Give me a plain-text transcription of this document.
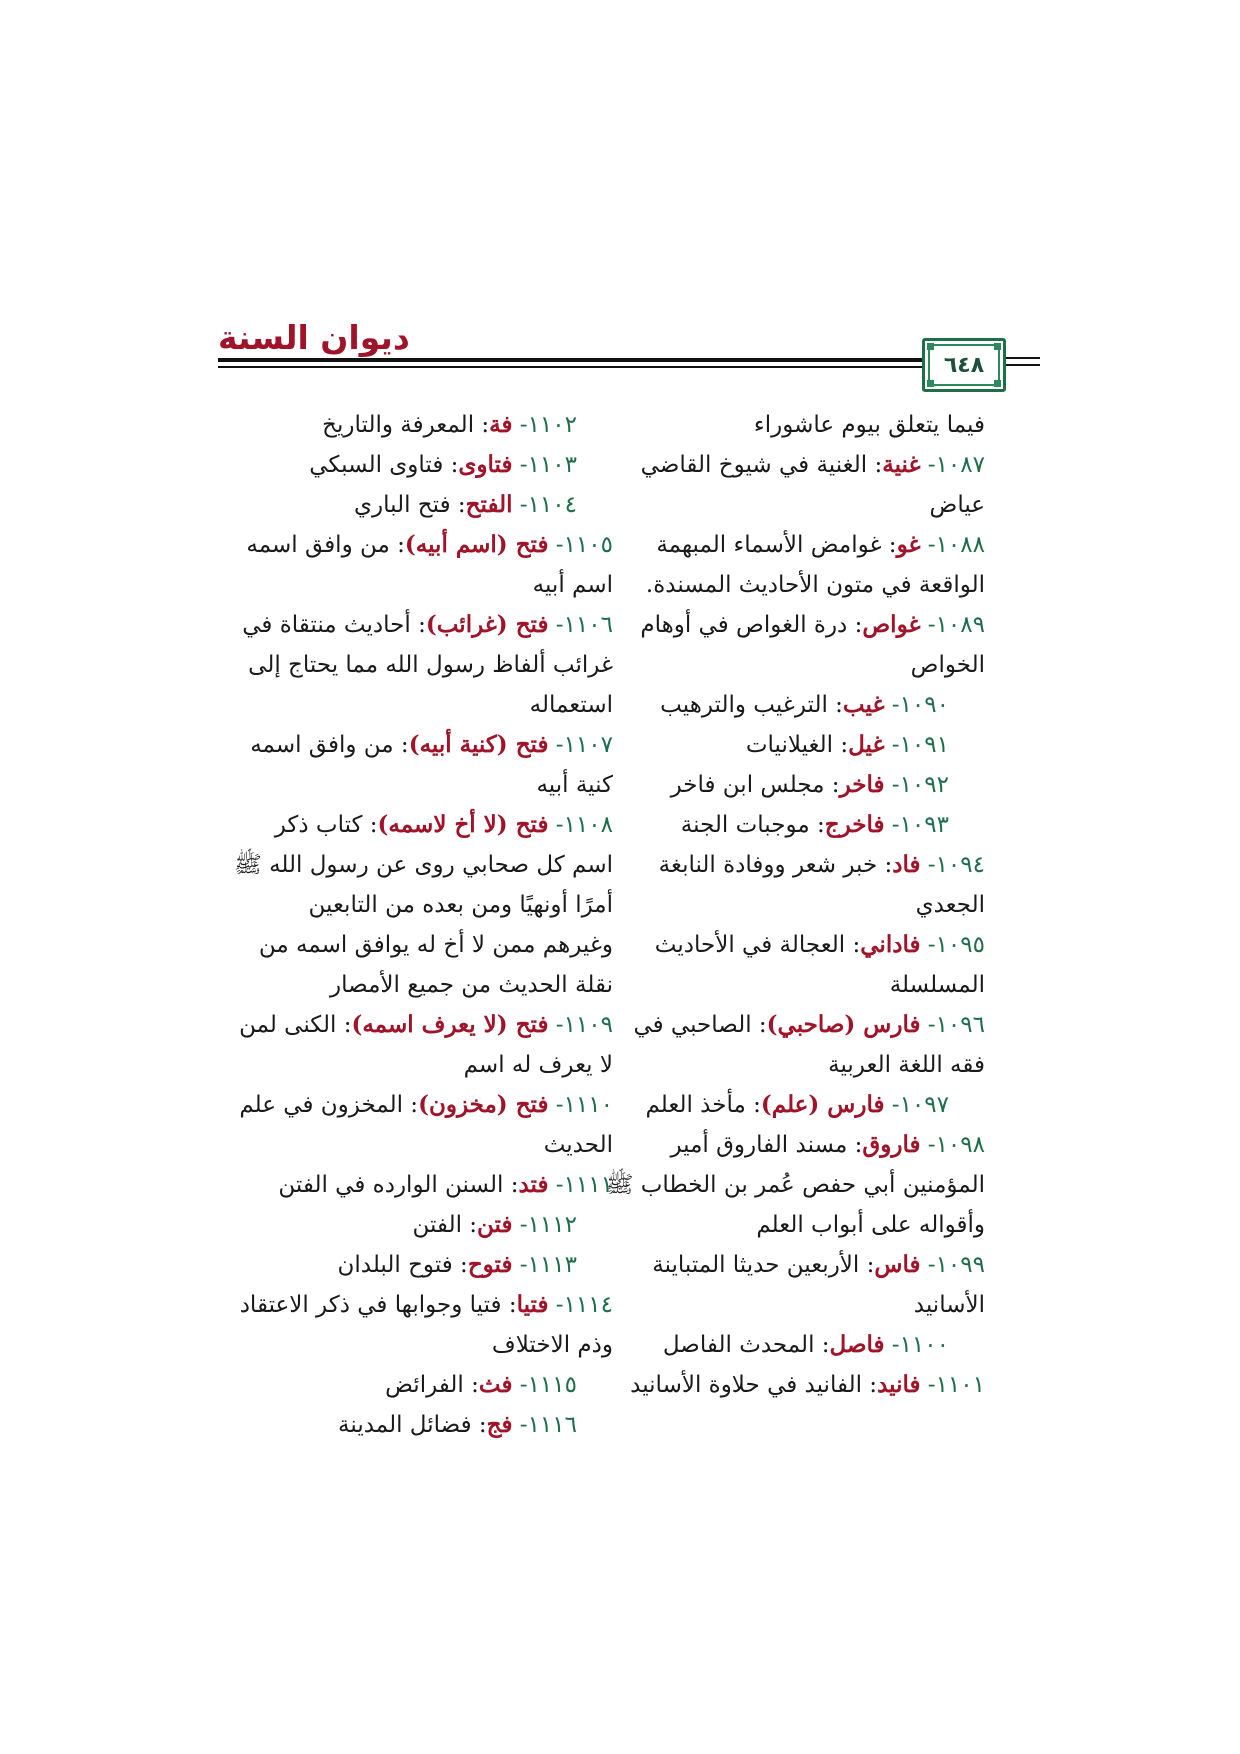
ديوان السنة
٦٤٨

فيما يتعلق بيوم عاشوراء

١٠٨٧- غنية: الغنية في شيوخ القاضي عياض

١٠٨٨- غو: غوامض الأسماء المبهمة الواقعة في متون الأحاديث المسندة.

١٠٨٩- غواص: درة الغواص في أوهام الخواص

١٠٩٠- غيب: الترغيب والترهيب

١٠٩١- غيل: الغيلانيات

١٠٩٢- فاخر: مجلس ابن فاخر

١٠٩٣- فاخرج: موجبات الجنة

١٠٩٤- فاد: خبر شعر ووفادة النابغة الجعدي

١٠٩٥- فاداني: العجالة في الأحاديث المسلسلة

١٠٩٦- فارس (صاحبي): الصاحبي في فقه اللغة العربية

١٠٩٧- فارس (علم): مأخذ العلم

١٠٩٨- فاروق: مسند الفاروق أمير المؤمنين أبي حفص عُمر بن الخطاب ﷺ وأقواله على أبواب العلم

١٠٩٩- فاس: الأربعين حديثا المتباينة الأسانيد

١١٠٠- فاصل: المحدث الفاصل

١١٠١- فانيد: الفانيد في حلاوة الأسانيد

١١٠٢- فة: المعرفة والتاريخ

١١٠٣- فتاوى: فتاوى السبكي

١١٠٤- الفتح: فتح الباري

١١٠٥- فتح (اسم أبيه): من وافق اسمه اسم أبيه

١١٠٦- فتح (غرائب): أحاديث منتقاة في غرائب ألفاظ رسول الله مما يحتاج إلى استعماله

١١٠٧- فتح (كنية أبيه): من وافق اسمه كنية أبيه

١١٠٨- فتح (لا أخ لاسمه): كتاب ذكر اسم كل صحابي روى عن رسول الله ﷺ أمرًا أونهيًا ومن بعده من التابعين وغيرهم ممن لا أخ له يوافق اسمه من نقلة الحديث من جميع الأمصار

١١٠٩- فتح (لا يعرف اسمه): الكنى لمن لا يعرف له اسم

١١١٠- فتح (مخزون): المخزون في علم الحديث

١١١١- فتد: السنن الوارده في الفتن

١١١٢- فتن: الفتن

١١١٣- فتوح: فتوح البلدان

١١١٤- فتيا: فتيا وجوابها في ذكر الاعتقاد وذم الاختلاف

١١١٥- فث: الفرائض

١١١٦- فج: فضائل المدينة
